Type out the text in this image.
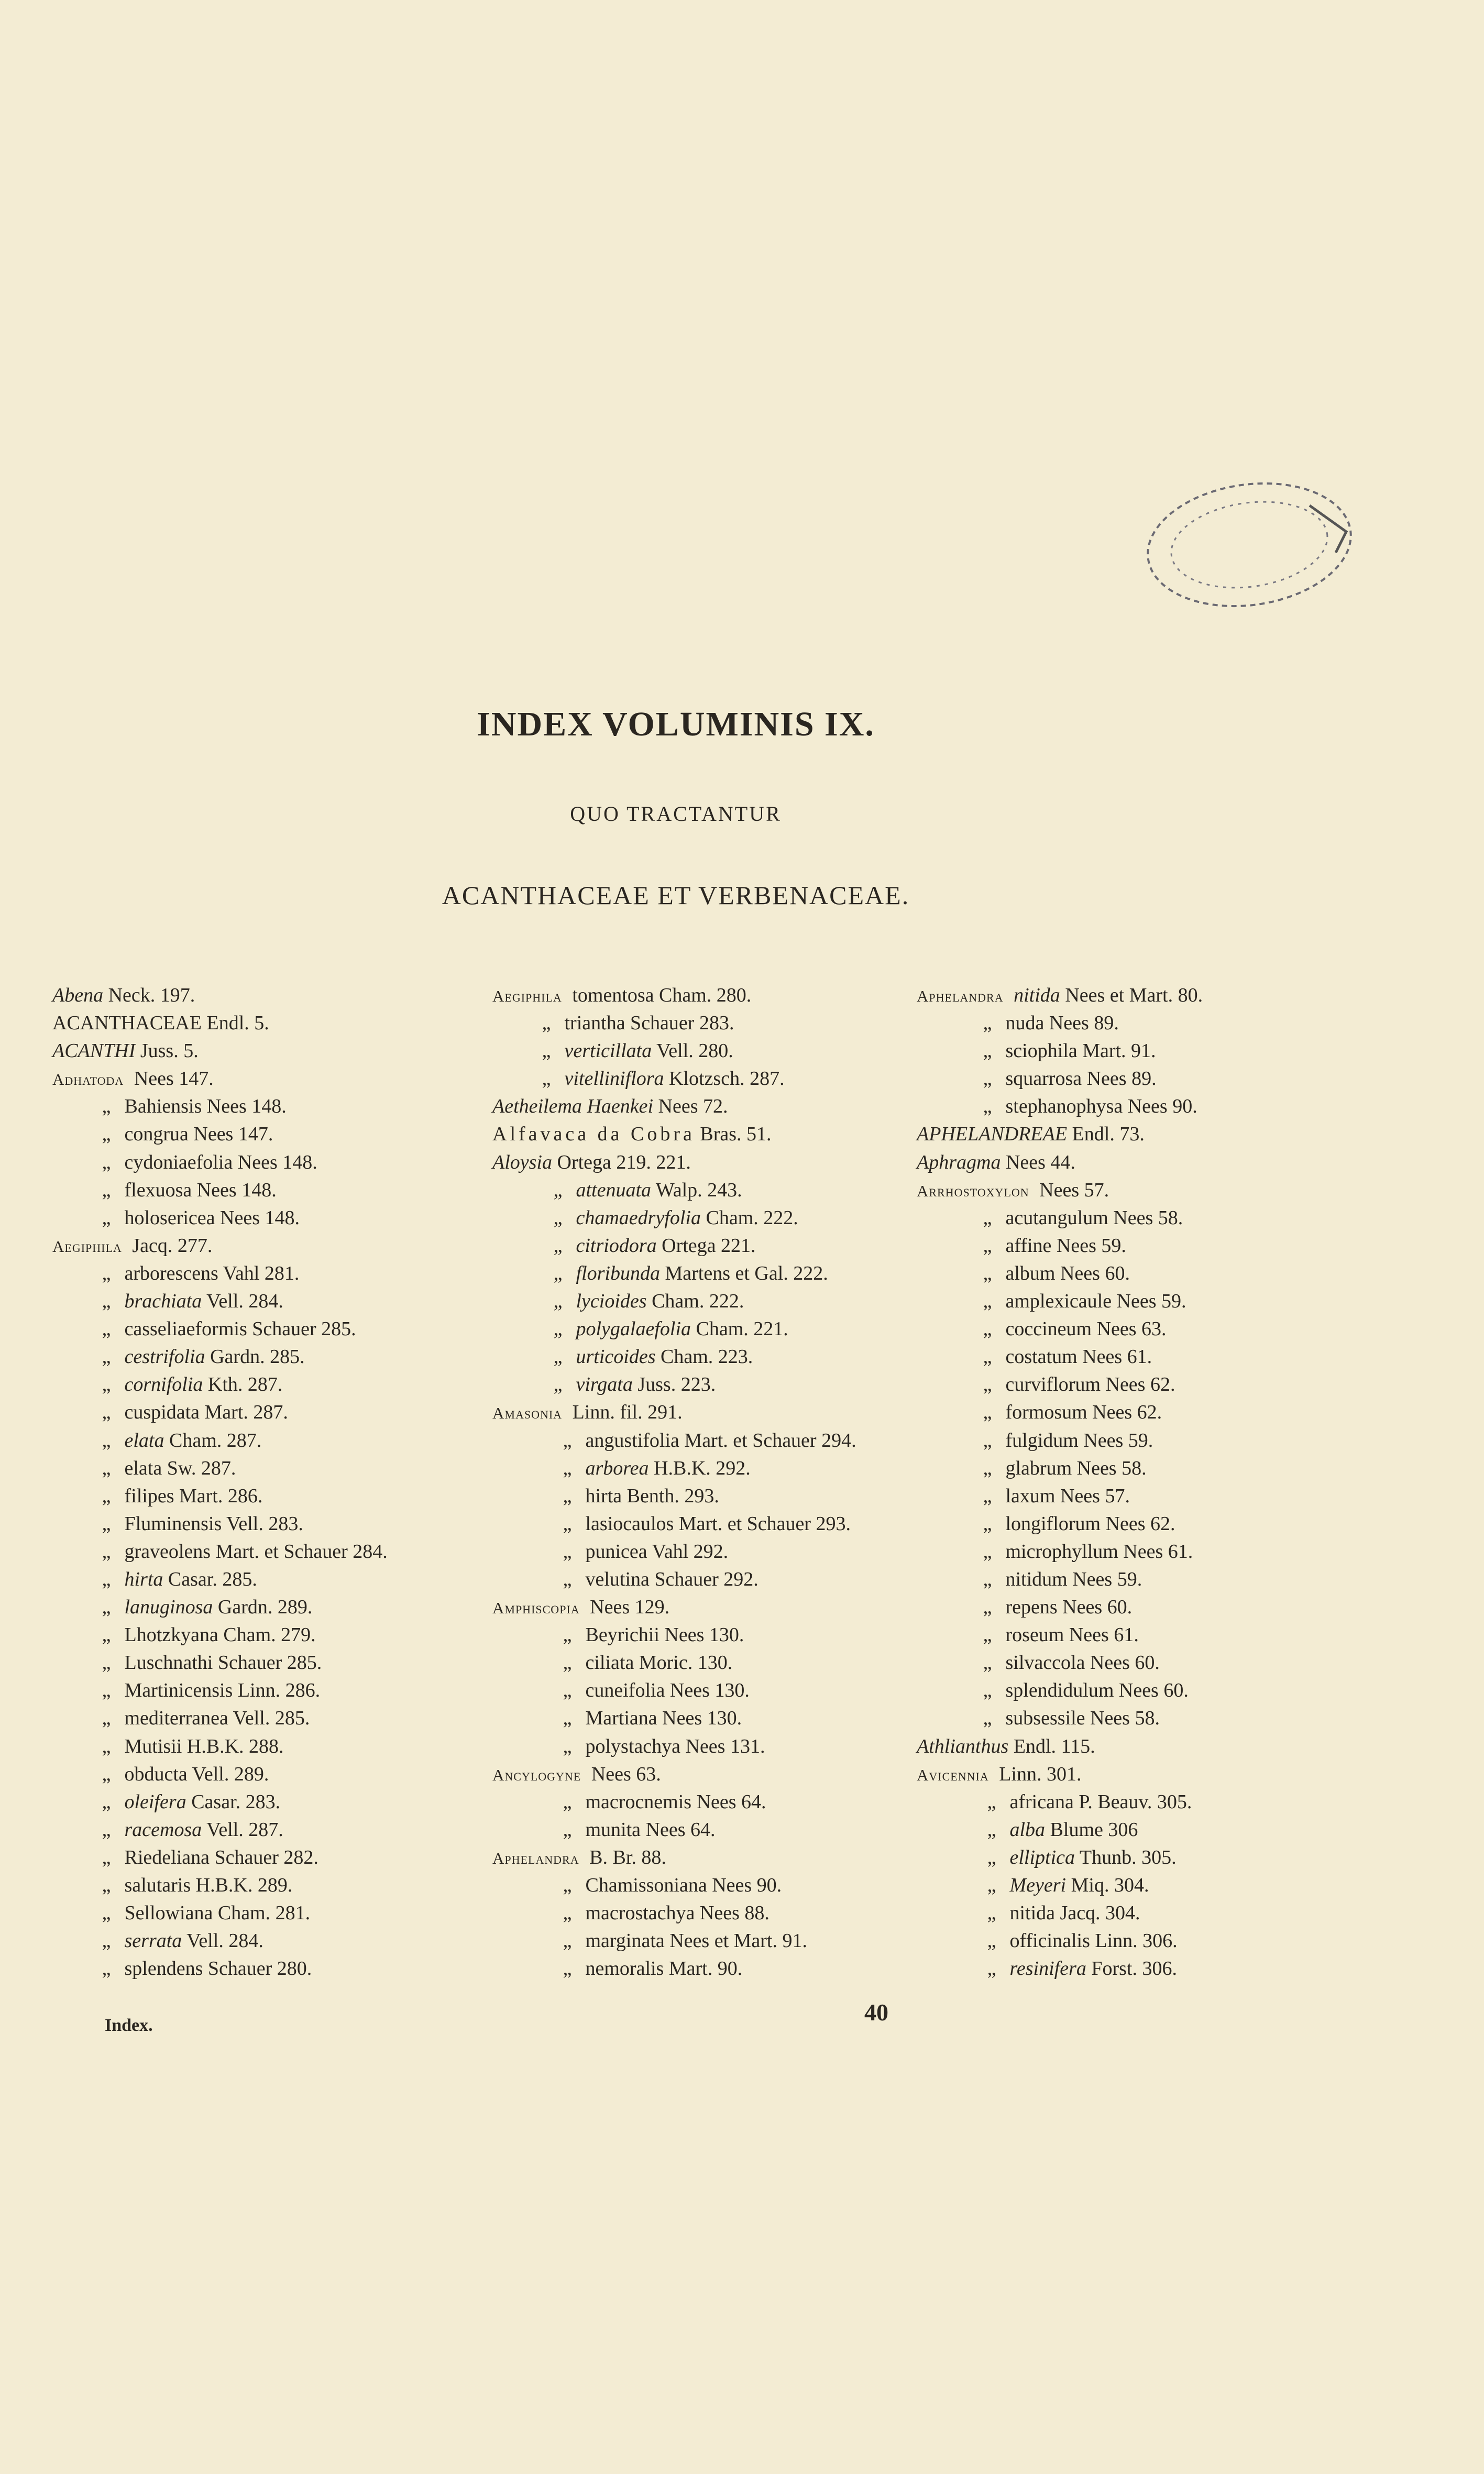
INDEX VOLUMINIS IX.
QUO TRACTANTUR
ACANTHACEAE ET VERBENACEAE.
Abena Neck. 197.
ACANTHACEAE Endl. 5.
ACANTHI Juss. 5.
Adhatoda Nees 147.
„ Bahiensis Nees 148.
„ congrua Nees 147.
„ cydoniaefolia Nees 148.
„ flexuosa Nees 148.
„ holosericea Nees 148.
Aegiphila Jacq. 277.
„ arborescens Vahl 281.
„ brachiata Vell. 284.
„ casseliaeformis Schauer 285.
„ cestrifolia Gardn. 285.
„ cornifolia Kth. 287.
„ cuspidata Mart. 287.
„ elata Cham. 287.
„ elata Sw. 287.
„ filipes Mart. 286.
„ Fluminensis Vell. 283.
„ graveolens Mart. et Schauer 284.
„ hirta Casar. 285.
„ lanuginosa Gardn. 289.
„ Lhotzkyana Cham. 279.
„ Luschnathi Schauer 285.
„ Martinicensis Linn. 286.
„ mediterranea Vell. 285.
„ Mutisii H.B.K. 288.
„ obducta Vell. 289.
„ oleifera Casar. 283.
„ racemosa Vell. 287.
„ Riedeliana Schauer 282.
„ salutaris H.B.K. 289.
„ Sellowiana Cham. 281.
„ serrata Vell. 284.
„ splendens Schauer 280.
Aegiphila tomentosa Cham. 280.
„ triantha Schauer 283.
„ verticillata Vell. 280.
„ vitelliniflora Klotzsch. 287.
Aetheilema Haenkei Nees 72.
Alfavaca da Cobra Bras. 51.
Aloysia Ortega 219. 221.
„ attenuata Walp. 243.
„ chamaedryfolia Cham. 222.
„ citriodora Ortega 221.
„ floribunda Martens et Gal. 222.
„ lycioides Cham. 222.
„ polygalaefolia Cham. 221.
„ urticoides Cham. 223.
„ virgata Juss. 223.
Amasonia Linn. fil. 291.
„ angustifolia Mart. et Schauer 294.
„ arborea H.B.K. 292.
„ hirta Benth. 293.
„ lasiocaulos Mart. et Schauer 293.
„ punicea Vahl 292.
„ velutina Schauer 292.
Amphiscopia Nees 129.
„ Beyrichii Nees 130.
„ ciliata Moric. 130.
„ cuneifolia Nees 130.
„ Martiana Nees 130.
„ polystachya Nees 131.
Ancylogyne Nees 63.
„ macrocnemis Nees 64.
„ munita Nees 64.
Aphelandra B. Br. 88.
„ Chamissoniana Nees 90.
„ macrostachya Nees 88.
„ marginata Nees et Mart. 91.
„ nemoralis Mart. 90.
Aphelandra nitida Nees et Mart. 80.
„ nuda Nees 89.
„ sciophila Mart. 91.
„ squarrosa Nees 89.
„ stephanophysa Nees 90.
APHELANDREAE Endl. 73.
Aphragma Nees 44.
Arrhostoxylon Nees 57.
„ acutangulum Nees 58.
„ affine Nees 59.
„ album Nees 60.
„ amplexicaule Nees 59.
„ coccineum Nees 63.
„ costatum Nees 61.
„ curviflorum Nees 62.
„ formosum Nees 62.
„ fulgidum Nees 59.
„ glabrum Nees 58.
„ laxum Nees 57.
„ longiflorum Nees 62.
„ microphyllum Nees 61.
„ nitidum Nees 59.
„ repens Nees 60.
„ roseum Nees 61.
„ silvaccola Nees 60.
„ splendidulum Nees 60.
„ subsessile Nees 58.
Athlianthus Endl. 115.
Avicennia Linn. 301.
„ africana P. Beauv. 305.
„ alba Blume 306
„ elliptica Thunb. 305.
„ Meyeri Miq. 304.
„ nitida Jacq. 304.
„ officinalis Linn. 306.
„ resinifera Forst. 306.
Index.	40
